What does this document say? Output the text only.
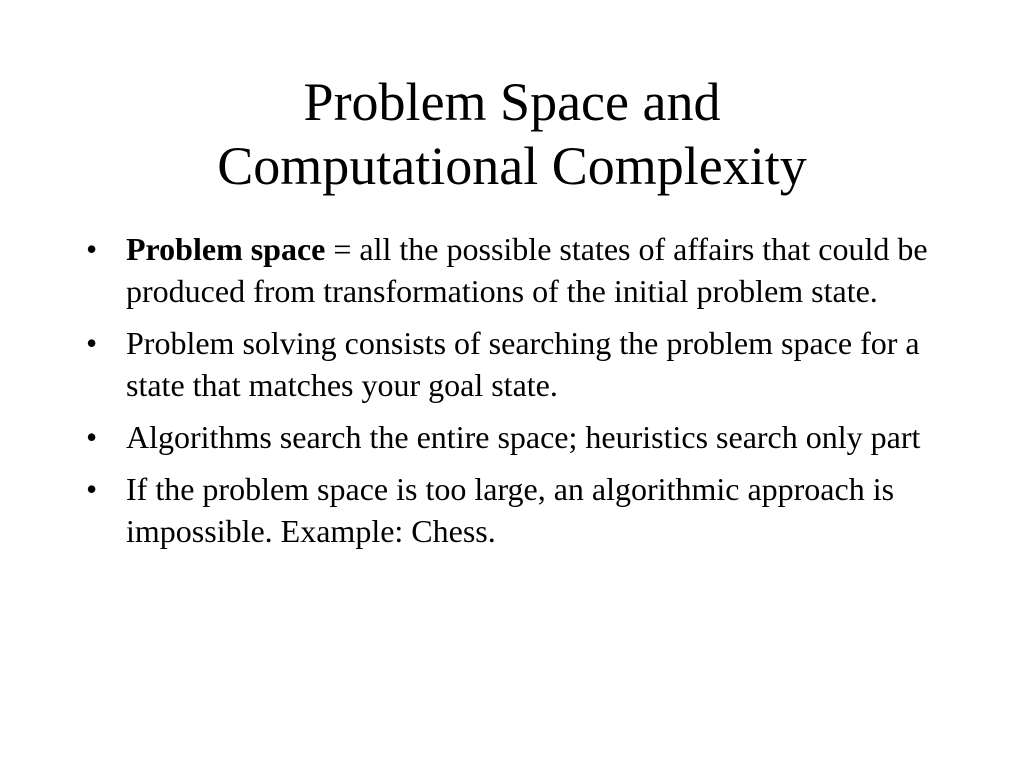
Problem Space and
Computational Complexity
• Problem space = all the possible states of affairs that could be produced from transformations of the initial problem state.
• Problem solving consists of searching the problem space for a state that matches your goal state.
• Algorithms search the entire space; heuristics search only part
• If the problem space is too large, an algorithmic approach is impossible. Example: Chess.
